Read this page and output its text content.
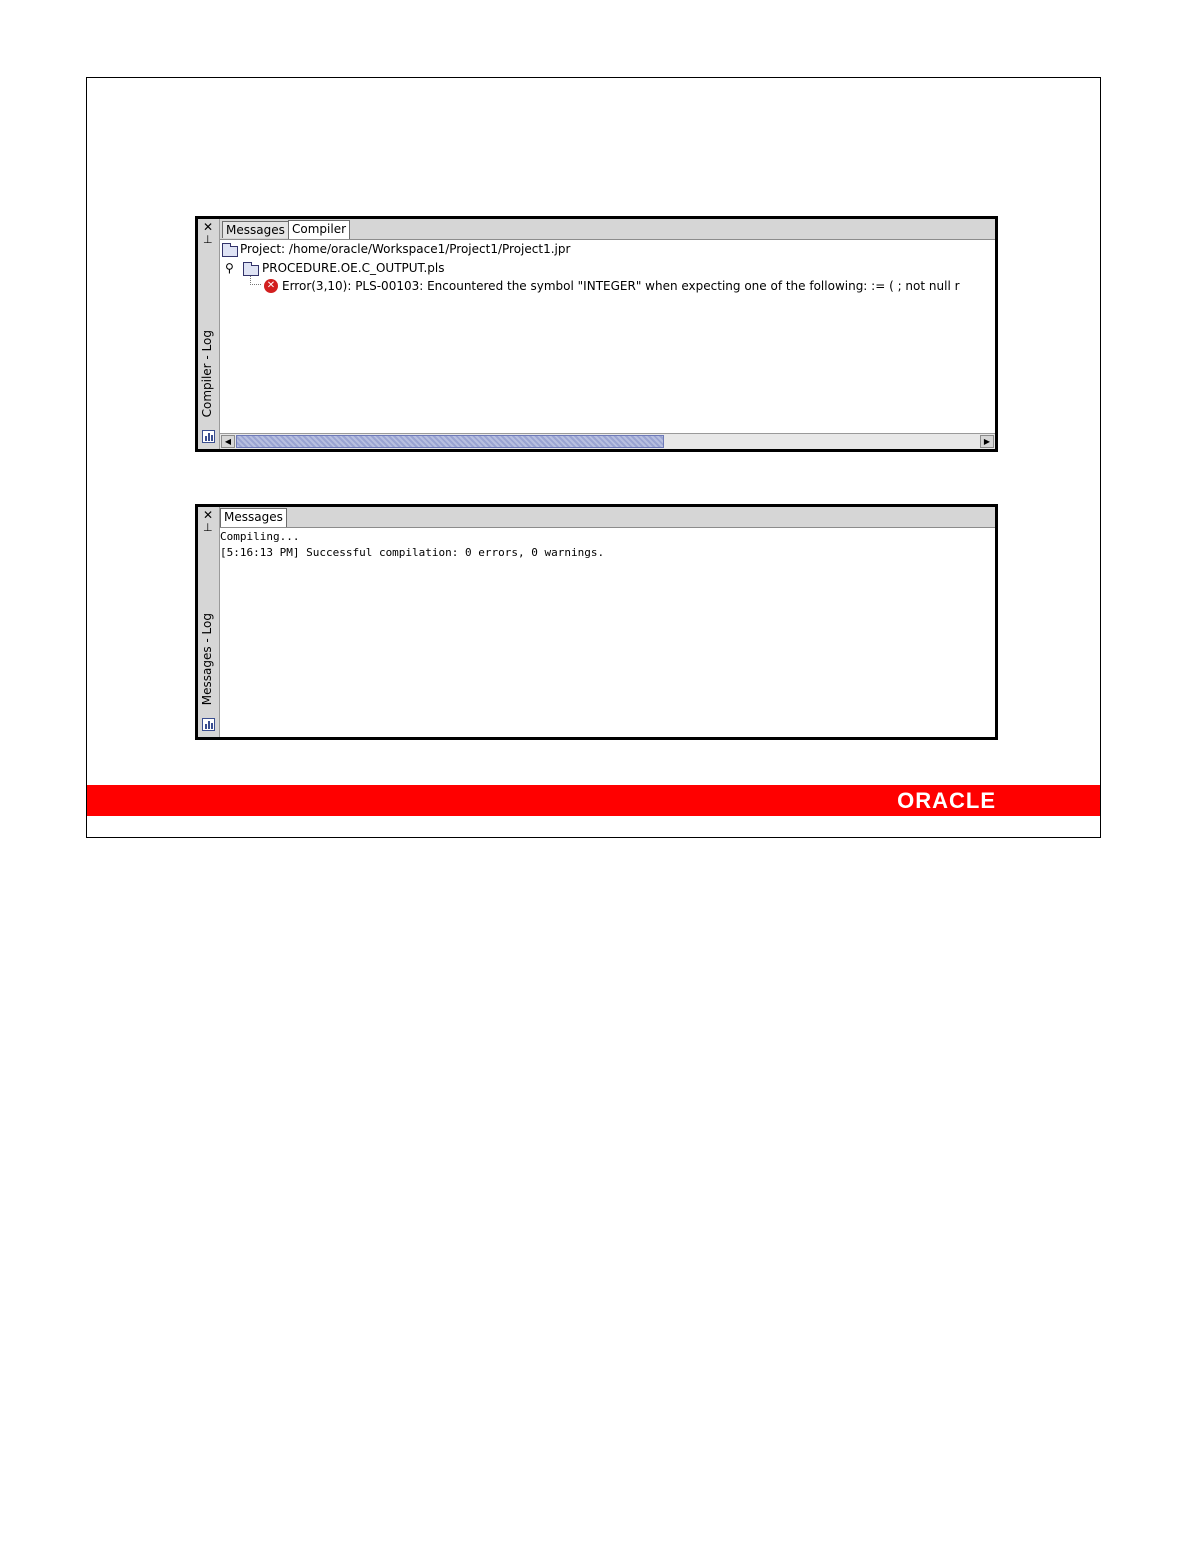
✕
⊥
Compiler - Log
Messages Compiler
Project: /home/oracle/Workspace1/Project1/Project1.jpr
⚲ PROCEDURE.OE.C_OUTPUT.pls
✕ Error(3,10): PLS-00103: Encountered the symbol "INTEGER" when expecting one of the following: := ( ; not null r
◀	▶
✕
⊥
Messages - Log
Messages
Compiling...
[5:16:13 PM] Successful compilation: 0 errors, 0 warnings.
ORACLE
